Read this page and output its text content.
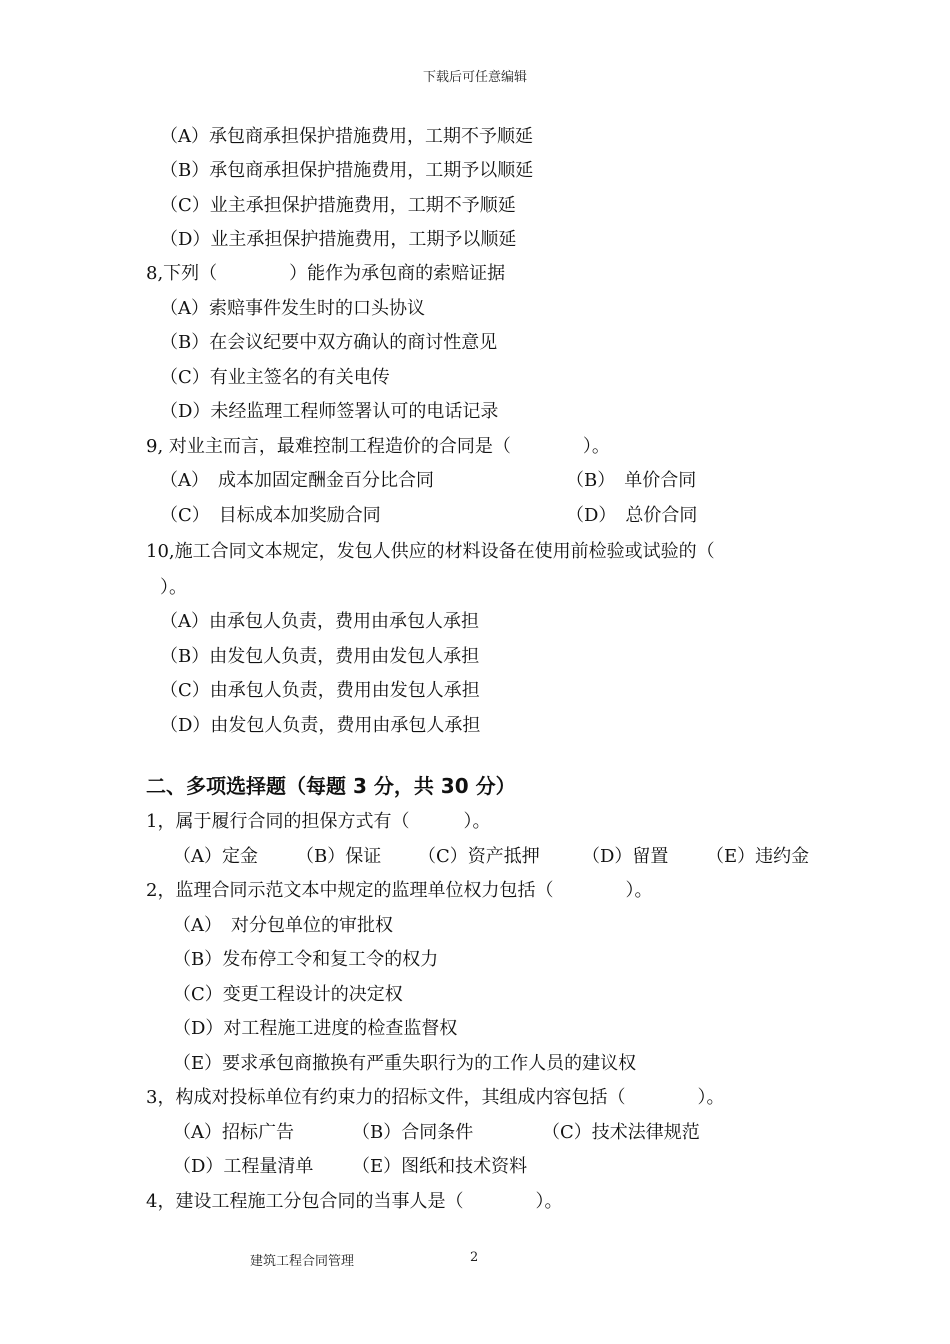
下载后可任意编辑
（A）承包商承担保护措施费用，工期不予顺延
（B）承包商承担保护措施费用，工期予以顺延
（C）业主承担保护措施费用，工期不予顺延
（D）业主承担保护措施费用，工期予以顺延
8,下列（　　　　）能作为承包商的索赔证据
（A）索赔事件发生时的口头协议
（B）在会议纪要中双方确认的商讨性意见
（C）有业主签名的有关电传
（D）未经监理工程师签署认可的电话记录
9, 对业主而言，最难控制工程造价的合同是（　　　　）。
（A）　成本加固定酬金百分比合同	（B）　单价合同
（C）　目标成本加奖励合同	（D）　总价合同
10,施工合同文本规定，发包人供应的材料设备在使用前检验或试验的（
）。
（A）由承包人负责，费用由承包人承担
（B）由发包人负责，费用由发包人承担
（C）由承包人负责，费用由发包人承担
（D）由发包人负责，费用由承包人承担
二、多项选择题（每题 3 分，共 30 分）
1，属于履行合同的担保方式有（　　　）。
（A）定金 （B）保证 （C）资产抵押 （D）留置 （E）违约金
2，监理合同示范文本中规定的监理单位权力包括（　　　　）。
（A）　对分包单位的审批权
（B）发布停工令和复工令的权力
（C）变更工程设计的决定权
（D）对工程施工进度的检查监督权
（E）要求承包商撤换有严重失职行为的工作人员的建议权
3，构成对投标单位有约束力的招标文件，其组成内容包括（　　　　）。
（A）招标广告	（B）合同条件	（C）技术法律规范
（D）工程量清单 （E）图纸和技术资料
4，建设工程施工分包合同的当事人是（　　　　）。
建筑工程合同管理	2
